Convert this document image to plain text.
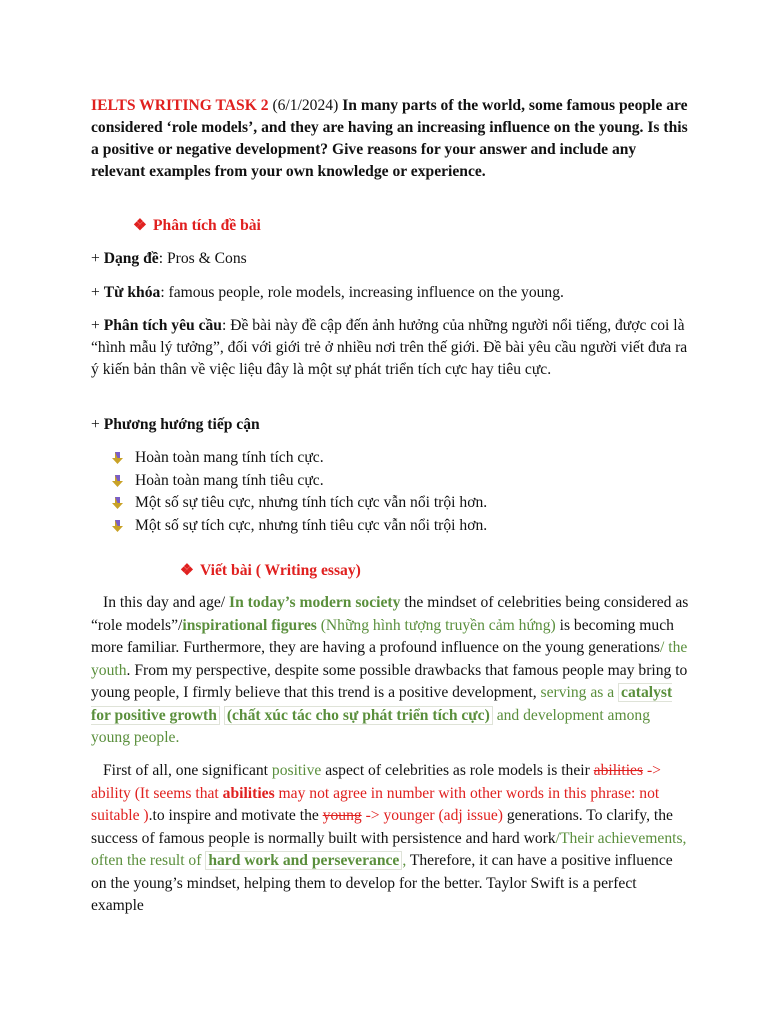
IELTS WRITING TASK 2 (6/1/2024) In many parts of the world, some famous people are considered ‘role models’, and they are having an increasing influence on the young. Is this a positive or negative development? Give reasons for your answer and include any relevant examples from your own knowledge or experience.

❖ Phân tích đề bài

+ Dạng đề: Pros & Cons

+ Từ khóa: famous people, role models, increasing influence on the young.

+ Phân tích yêu cầu: Đề bài này đề cập đến ảnh hưởng của những người nổi tiếng, được coi là “hình mẫu lý tưởng”, đối với giới trẻ ở nhiều nơi trên thế giới. Đề bài yêu cầu người viết đưa ra ý kiến bản thân về việc liệu đây là một sự phát triển tích cực hay tiêu cực.

+ Phương hướng tiếp cận

Hoàn toàn mang tính tích cực.
Hoàn toàn mang tính tiêu cực.
Một số sự tiêu cực, nhưng tính tích cực vẫn nổi trội hơn.
Một số sự tích cực, nhưng tính tiêu cực vẫn nổi trội hơn.
❖ Viết bài ( Writing essay)

In this day and age/ In today’s modern society the mindset of celebrities being considered as “role models”/inspirational figures (Những hình tượng truyền cảm hứng) is becoming much more familiar. Furthermore, they are having a profound influence on the young generations/ the youth. From my perspective, despite some possible drawbacks that famous people may bring to young people, I firmly believe that this trend is a positive development, serving as a catalyst for positive growth (chất xúc tác cho sự phát triển tích cực) and development among young people.

First of all, one significant positive aspect of celebrities as role models is their abilities -> ability (It seems that abilities may not agree in number with other words in this phrase: not suitable ).to inspire and motivate the young -> younger (adj issue) generations. To clarify, the success of famous people is normally built with persistence and hard work/Their achievements, often the result of hard work and perseverance , Therefore, it can have a positive influence on the young’s mindset, helping them to develop for the better. Taylor Swift is a perfect example
